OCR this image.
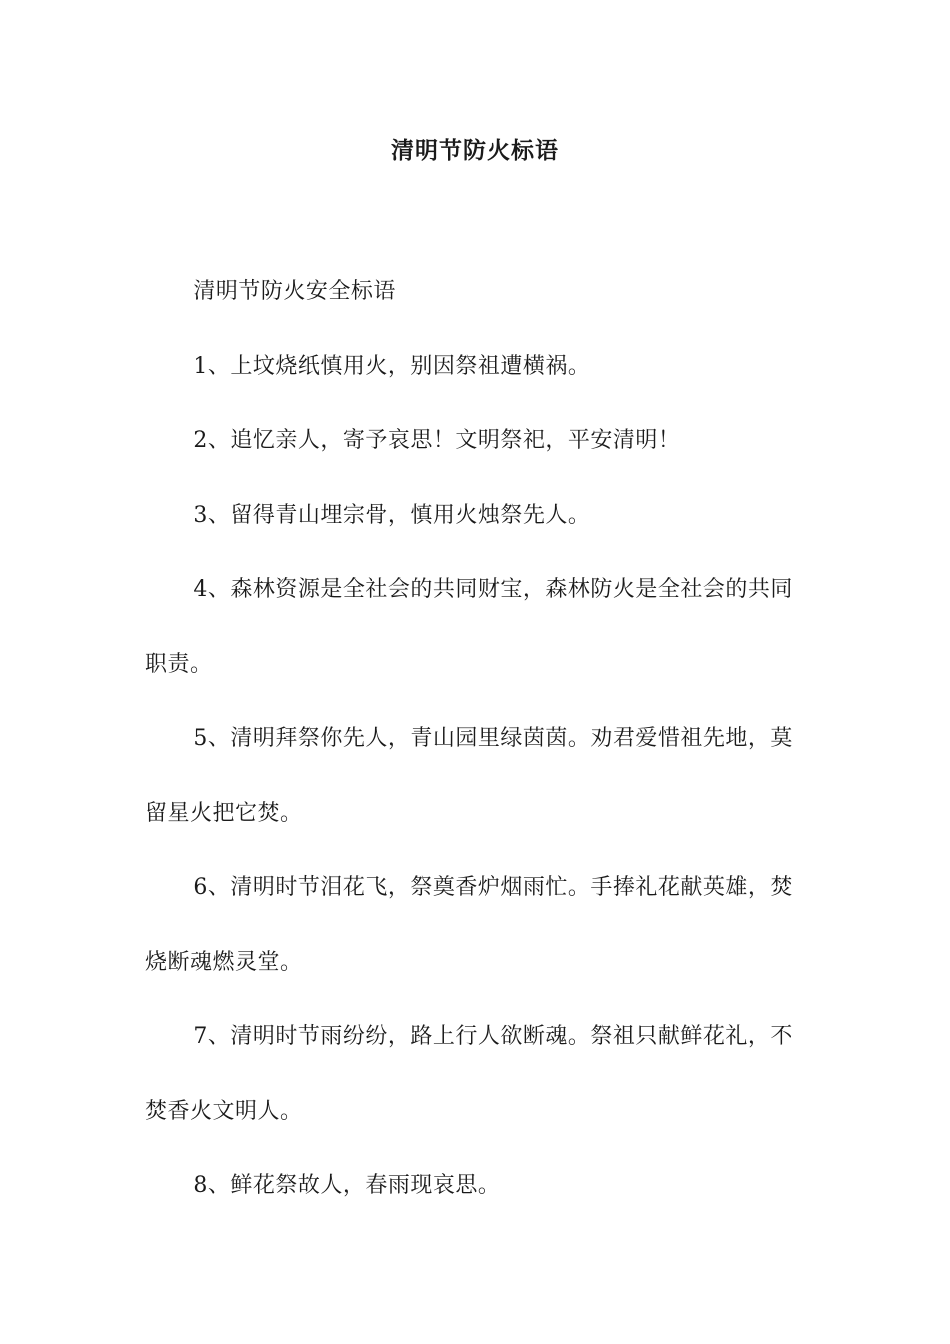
清明节防火标语

清明节防火安全标语

1、上坟烧纸慎用火，别因祭祖遭横祸。

2、追忆亲人，寄予哀思！文明祭祀，平安清明！

3、留得青山埋宗骨，慎用火烛祭先人。

4、森林资源是全社会的共同财宝，森林防火是全社会的共同职责。

5、清明拜祭你先人，青山园里绿茵茵。劝君爱惜祖先地，莫留星火把它焚。

6、清明时节泪花飞，祭奠香炉烟雨忙。手捧礼花献英雄，焚烧断魂燃灵堂。

7、清明时节雨纷纷，路上行人欲断魂。祭祖只献鲜花礼，不焚香火文明人。

8、鲜花祭故人，春雨现哀思。
